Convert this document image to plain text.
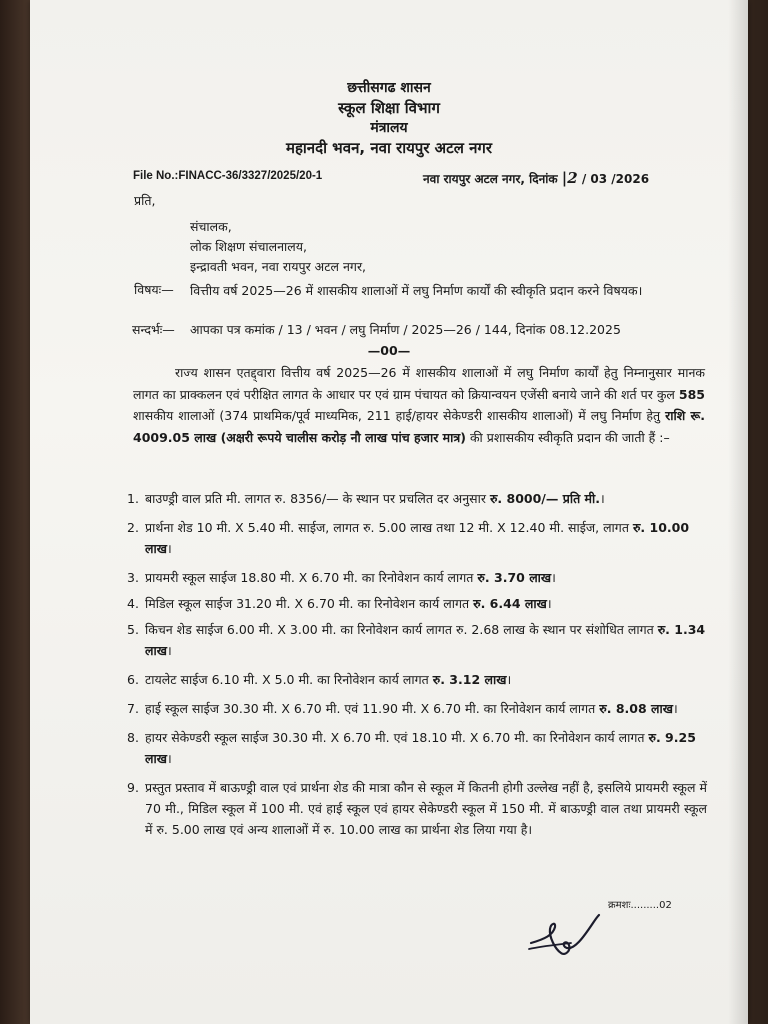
छत्तीसगढ शासन
स्कूल शिक्षा विभाग
मंत्रालय
महानदी भवन, नवा रायपुर अटल नगर
File No.:FINACC-36/3327/2025/20-1	नवा रायपुर अटल नगर, दिनांक |2 / 03 /2026
प्रति,
संचालक,
लोक शिक्षण संचालनालय,
इन्द्रावती भवन, नवा रायपुर अटल नगर,
विषयः— वित्तीय वर्ष 2025—26 में शासकीय शालाओं में लघु निर्माण कार्यों की स्वीकृति प्रदान करने विषयक।
सन्दर्भः— आपका पत्र कमांक / 13 / भवन / लघु निर्माण / 2025—26 / 144, दिनांक 08.12.2025
—00—
राज्य शासन एतद्द्वारा वित्तीय वर्ष 2025—26 में शासकीय शालाओं में लघु निर्माण कार्यों हेतु निम्नानुसार मानक लागत का प्राक्कलन एवं परीक्षित लागत के आधार पर एवं ग्राम पंचायत को क्रियान्वयन एजेंसी बनाये जाने की शर्त पर कुल 585 शासकीय शालाओं (374 प्राथमिक/पूर्व माध्यमिक, 211 हाई/हायर सेकेण्डरी शासकीय शालाओं) में लघु निर्माण हेतु राशि रू. 4009.05 लाख (अक्षरी रूपये चालीस करोड़ नौ लाख पांच हजार मात्र) की प्रशासकीय स्वीकृति प्रदान की जाती हैं :–
1. बाउण्ड्री वाल प्रति मी. लागत रु. 8356/— के स्थान पर प्रचलित दर अनुसार रु. 8000/— प्रति मी.।
2. प्रार्थना शेड 10 मी. X 5.40 मी. साईज, लागत रु. 5.00 लाख तथा 12 मी. X 12.40 मी. साईज, लागत रु. 10.00 लाख।
3. प्रायमरी स्कूल साईज 18.80 मी. X 6.70 मी. का रिनोवेशन कार्य लागत रु. 3.70 लाख।
4. मिडिल स्कूल साईज 31.20 मी. X 6.70 मी. का रिनोवेशन कार्य लागत रु. 6.44 लाख।
5. किचन शेड साईज 6.00 मी. X 3.00 मी. का रिनोवेशन कार्य लागत रु. 2.68 लाख के स्थान पर संशोधित लागत रु. 1.34 लाख।
6. टायलेट साईज 6.10 मी. X 5.0 मी. का रिनोवेशन कार्य लागत रु. 3.12 लाख।
7. हाई स्कूल साईज 30.30 मी. X 6.70 मी. एवं 11.90 मी. X 6.70 मी. का रिनोवेशन कार्य लागत रु. 8.08 लाख।
8. हायर सेकेण्डरी स्कूल साईज 30.30 मी. X 6.70 मी. एवं 18.10 मी. X 6.70 मी. का रिनोवेशन कार्य लागत रु. 9.25 लाख।
9. प्रस्तुत प्रस्ताव में बाऊण्ड्री वाल एवं प्रार्थना शेड की मात्रा कौन से स्कूल में कितनी होगी उल्लेख नहीं है, इसलिये प्रायमरी स्कूल में 70 मी., मिडिल स्कूल में 100 मी. एवं हाई स्कूल एवं हायर सेकेण्डरी स्कूल में 150 मी. में बाऊण्ड्री वाल तथा प्रायमरी स्कूल में रु. 5.00 लाख एवं अन्य शालाओं में रु. 10.00 लाख का प्रार्थना शेड लिया गया है।
क्रमशः.........02
